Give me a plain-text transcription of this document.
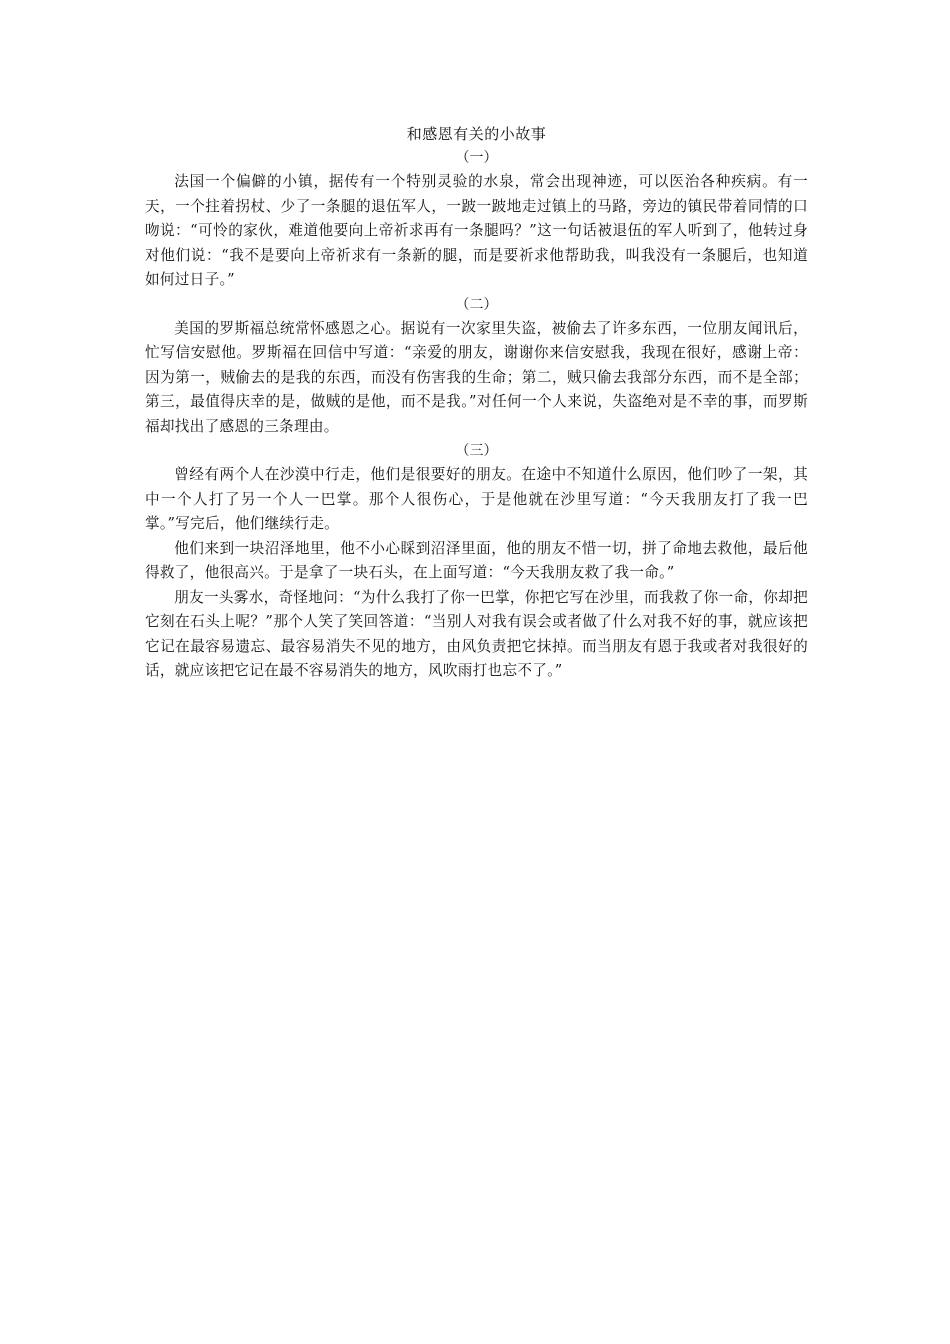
和感恩有关的小故事
（一）

法国一个偏僻的小镇，据传有一个特别灵验的水泉，常会出现神迹，可以医治各种疾病。有一天，一个拄着拐杖、少了一条腿的退伍军人，一跛一跛地走过镇上的马路，旁边的镇民带着同情的口吻说：“可怜的家伙，难道他要向上帝祈求再有一条腿吗？”这一句话被退伍的军人听到了，他转过身对他们说：“我不是要向上帝祈求有一条新的腿，而是要祈求他帮助我，叫我没有一条腿后，也知道如何过日子。”

（二）

美国的罗斯福总统常怀感恩之心。据说有一次家里失盗，被偷去了许多东西，一位朋友闻讯后，忙写信安慰他。罗斯福在回信中写道：“亲爱的朋友，谢谢你来信安慰我，我现在很好，感谢上帝：因为第一，贼偷去的是我的东西，而没有伤害我的生命；第二，贼只偷去我部分东西，而不是全部；第三，最值得庆幸的是，做贼的是他，而不是我。”对任何一个人来说，失盗绝对是不幸的事，而罗斯福却找出了感恩的三条理由。

（三）

曾经有两个人在沙漠中行走，他们是很要好的朋友。在途中不知道什么原因，他们吵了一架，其中一个人打了另一个人一巴掌。那个人很伤心，于是他就在沙里写道：“今天我朋友打了我一巴掌。”写完后，他们继续行走。

他们来到一块沼泽地里，他不小心睬到沼泽里面，他的朋友不惜一切，拼了命地去救他，最后他得救了，他很高兴。于是拿了一块石头，在上面写道：“今天我朋友救了我一命。”

朋友一头雾水，奇怪地问：“为什么我打了你一巴掌，你把它写在沙里，而我救了你一命，你却把它刻在石头上呢？”那个人笑了笑回答道：“当别人对我有误会或者做了什么对我不好的事，就应该把它记在最容易遗忘、最容易消失不见的地方，由风负责把它抹掉。而当朋友有恩于我或者对我很好的话，就应该把它记在最不容易消失的地方，风吹雨打也忘不了。”
